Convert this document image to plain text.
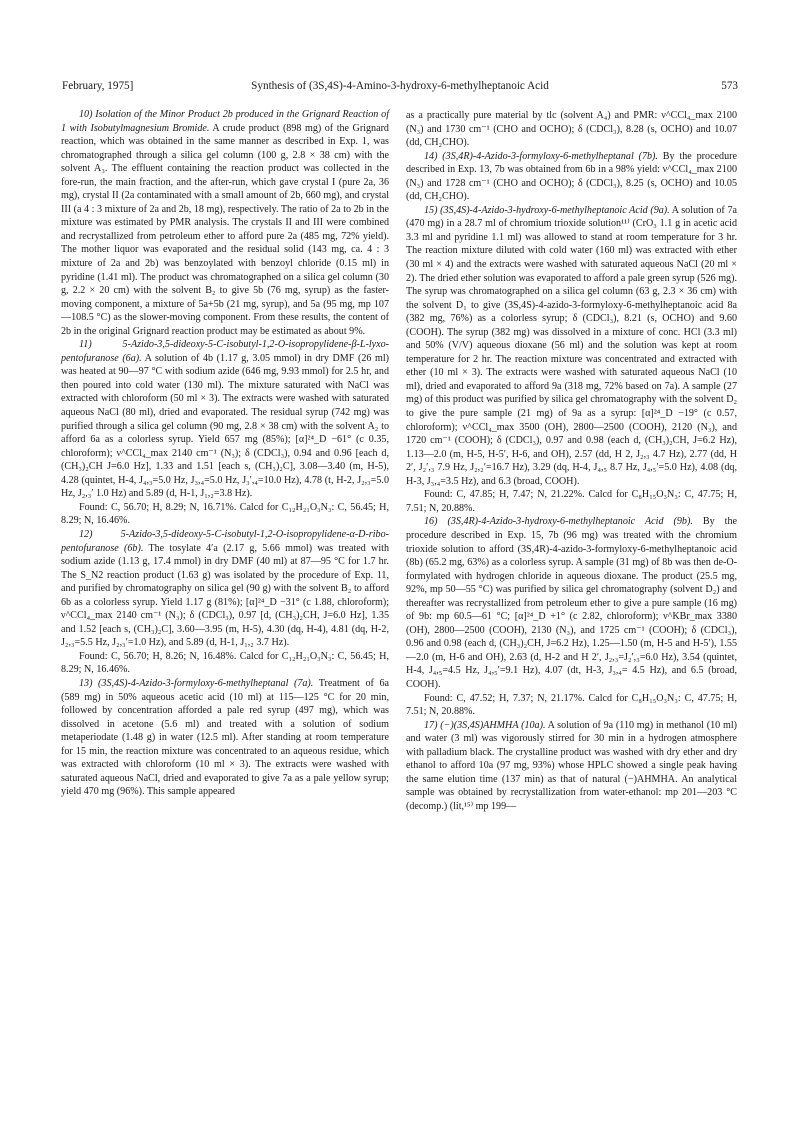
February, 1975]	Synthesis of (3S,4S)-4-Amino-3-hydroxy-6-methylheptanoic Acid	573

10) Isolation of the Minor Product 2b produced in the Grignard Reaction of 1 with Isobutylmagnesium Bromide. A crude product (898 mg) of the Grignard reaction, which was obtained in the same manner as described in Exp. 1, was chromatographed through a silica gel column (100 g, 2.8 × 38 cm) with the solvent A₃. The effluent containing the reaction product was collected in the fore-run, the main fraction, and the after-run, which gave crystal I (pure 2a, 36 mg), crystal II (2a contaminated with a small amount of 2b, 660 mg), and crystal III (a 4 : 3 mixture of 2a and 2b, 18 mg), respectively. The ratio of 2a to 2b in the mixture was estimated by PMR analysis. The crystals II and III were combined and recrystallized from petroleum ether to afford pure 2a (485 mg, 72% yield). The mother liquor was evaporated and the residual solid (143 mg, ca. 4 : 3 mixture of 2a and 2b) was benzoylated with benzoyl chloride (0.15 ml) in pyridine (1.41 ml). The product was chromatographed on a silica gel column (30 g, 2.2 × 20 cm) with the solvent B₂ to give 5b (76 mg, syrup) as the faster-moving component, a mixture of 5a+5b (21 mg, syrup), and 5a (95 mg, mp 107—108.5 °C) as the slower-moving component. From these results, the content of 2b in the original Grignard reaction product may be estimated as about 9%.

11) 5-Azido-3,5-dideoxy-5-C-isobutyl-1,2-O-isopropylidene-β-L-lyxo-pentofuranose (6a). A solution of 4b (1.17 g, 3.05 mmol) in dry DMF (26 ml) was heated at 90—97 °C with sodium azide (646 mg, 9.93 mmol) for 2.5 hr, and then poured into cold water (130 ml). The mixture saturated with NaCl was extracted with chloroform (50 ml × 3). The extracts were washed with saturated aqueous NaCl (80 ml), dried and evaporated. The residual syrup (742 mg) was purified through a silica gel column (90 mg, 2.8 × 38 cm) with the solvent A₂ to afford 6a as a colorless syrup. Yield 657 mg (85%); [α]²⁴_D −61° (c 0.35, chloroform); ν^CCl₄_max 2140 cm⁻¹ (N₃); δ (CDCl₃), 0.94 and 0.96 [each d, (CH₃)₂CH J=6.0 Hz], 1.33 and 1.51 [each s, (CH₃)₂C], 3.08—3.40 (m, H-5), 4.28 (quintet, H-4, J₄,₃=5.0 Hz, J₃,₄=5.0 Hz, J₃′,₄=10.0 Hz), 4.78 (t, H-2, J₂,₃=5.0 Hz, J₂,₃′ 1.0 Hz) and 5.89 (d, H-1, J₁,₂=3.8 Hz).

Found: C, 56.70; H, 8.29; N, 16.71%. Calcd for C₁₂H₂₁O₃N₃: C, 56.45; H, 8.29; N, 16.46%.

12) 5-Azido-3,5-dideoxy-5-C-isobutyl-1,2-O-isopropylidene-α-D-ribo-pentofuranose (6b). The tosylate 4′a (2.17 g, 5.66 mmol) was treated with sodium azide (1.13 g, 17.4 mmol) in dry DMF (40 ml) at 87—95 °C for 1.7 hr. The S_N2 reaction product (1.63 g) was isolated by the procedure of Exp. 11, and purified by chromatography on silica gel (90 g) with the solvent B₂ to afford 6b as a colorless syrup. Yield 1.17 g (81%); [α]²⁴_D −31° (c 1.88, chloroform); ν^CCl₄_max 2140 cm⁻¹ (N₃); δ (CDCl₃), 0.97 [d, (CH₃)₂CH, J=6.0 Hz], 1.35 and 1.52 [each s, (CH₃)₂C], 3.60—3.95 (m, H-5), 4.30 (dq, H-4), 4.81 (dq, H-2, J₂,₃=5.5 Hz, J₂,₃′=1.0 Hz), and 5.89 (d, H-1, J₁,₂ 3.7 Hz).

Found: C, 56.70; H, 8.26; N, 16.48%. Calcd for C₁₂H₂₁O₃N₃: C, 56.45; H, 8.29; N, 16.46%.

13) (3S,4S)-4-Azido-3-formyloxy-6-methylheptanal (7a). Treatment of 6a (589 mg) in 50% aqueous acetic acid (10 ml) at 115—125 °C for 20 min, followed by concentration afforded a pale red syrup (497 mg), which was dissolved in acetone (5.6 ml) and treated with a solution of sodium metaperiodate (1.48 g) in water (12.5 ml). After standing at room temperature for 15 min, the reaction mixture was concentrated to an aqueous residue, which was extracted with chloroform (10 ml × 3). The extracts were washed with saturated aqueous NaCl, dried and evaporated to give 7a as a pale yellow syrup; yield 470 mg (96%). This sample appeared

as a practically pure material by tlc (solvent A₄) and PMR: ν^CCl₄_max 2100 (N₃) and 1730 cm⁻¹ (CHO and OCHO); δ (CDCl₃), 8.28 (s, OCHO) and 10.07 (dd, CH₂CHO).

14) (3S,4R)-4-Azido-3-formyloxy-6-methylheptanal (7b). By the procedure described in Exp. 13, 7b was obtained from 6b in a 98% yield: ν^CCl₄_max 2100 (N₃) and 1728 cm⁻¹ (CHO and OCHO); δ (CDCl₃), 8.25 (s, OCHO) and 10.05 (dd, CH₂CHO).

15) (3S,4S)-4-Azido-3-hydroxy-6-methylheptanoic Acid (9a). A solution of 7a (470 mg) in a 28.7 ml of chromium trioxide solution¹¹⁾ (CrO₃ 1.1 g in acetic acid 3.3 ml and pyridine 1.1 ml) was allowed to stand at room temperature for 3 hr. The reaction mixture diluted with cold water (160 ml) was extracted with ether (30 ml × 4) and the extracts were washed with saturated aqueous NaCl (20 ml × 2). The dried ether solution was evaporated to afford a pale green syrup (526 mg). The syrup was chromatographed on a silica gel column (63 g, 2.3 × 36 cm) with the solvent D₁ to give (3S,4S)-4-azido-3-formyloxy-6-methylheptanoic acid 8a (382 mg, 76%) as a colorless syrup; δ (CDCl₃), 8.21 (s, OCHO) and 9.60 (COOH). The syrup (382 mg) was dissolved in a mixture of conc. HCl (3.3 ml) and 50% (V/V) aqueous dioxane (56 ml) and the solution was kept at room temperature for 2 hr. The reaction mixture was concentrated and extracted with ether (10 ml × 3). The extracts were washed with saturated aqueous NaCl (10 ml), dried and evaporated to afford 9a (318 mg, 72% based on 7a). A sample (27 mg) of this product was purified by silica gel chromatography with the solvent D₂ to give the pure sample (21 mg) of 9a as a syrup: [α]²⁴_D −19° (c 0.57, chloroform); ν^CCl₄_max 3500 (OH), 2800—2500 (COOH), 2120 (N₃), and 1720 cm⁻¹ (COOH); δ (CDCl₃), 0.97 and 0.98 (each d, (CH₃)₂CH, J=6.2 Hz), 1.13—2.0 (m, H-5, H-5′, H-6, and OH), 2.57 (dd, H 2, J₂,₃ 4.7 Hz), 2.77 (dd, H 2′, J₂′,₃ 7.9 Hz, J₂,₂′=16.7 Hz), 3.29 (dq, H-4, J₄,₅ 8.7 Hz, J₄,₅′=5.0 Hz), 4.08 (dq, H-3, J₃,₄=3.5 Hz), and 6.3 (broad, COOH).

Found: C, 47.85; H, 7.47; N, 21.22%. Calcd for C₈H₁₅O₃N₃: C, 47.75; H, 7.51; N, 20.88%.

16) (3S,4R)-4-Azido-3-hydroxy-6-methylheptanoic Acid (9b). By the procedure described in Exp. 15, 7b (96 mg) was treated with the chromium trioxide solution to afford (3S,4R)-4-azido-3-formyloxy-6-methylheptanoic acid (8b) (65.2 mg, 63%) as a colorless syrup. A sample (31 mg) of 8b was then de-O-formylated with hydrogen chloride in aqueous dioxane. The product (25.5 mg, 92%, mp 50—55 °C) was purified by silica gel chromatography (solvent D₂) and thereafter was recrystallized from petroleum ether to give a pure sample (16 mg) of 9b: mp 60.5—61 °C; [α]²⁴_D +1° (c 2.82, chloroform); ν^KBr_max 3380 (OH), 2800—2500 (COOH), 2130 (N₃), and 1725 cm⁻¹ (COOH); δ (CDCl₃), 0.96 and 0.98 (each d, (CH₃)₂CH, J=6.2 Hz), 1.25—1.50 (m, H-5 and H-5′), 1.55—2.0 (m, H-6 and OH), 2.63 (d, H-2 and H 2′, J₂,₃=J₂′,₃=6.0 Hz), 3.54 (quintet, H-4, J₄,₅=4.5 Hz, J₄,₅′=9.1 Hz), 4.07 (dt, H-3, J₃,₄= 4.5 Hz), and 6.5 (broad, COOH).

Found: C, 47.52; H, 7.37; N, 21.17%. Calcd for C₈H₁₅O₃N₃: C, 47.75; H, 7.51; N, 20.88%.

17) (−)(3S,4S)AHMHA (10a). A solution of 9a (110 mg) in methanol (10 ml) and water (3 ml) was vigorously stirred for 30 min in a hydrogen atmosphere with palladium black. The crystalline product was washed with dry ether and dry ethanol to afford 10a (97 mg, 93%) whose HPLC showed a single peak having the same elution time (137 min) as that of natural (−)AHMHA. An analytical sample was obtained by recrystallization from water-ethanol: mp 201—203 °C (decomp.) (lit,¹⁵⁾ mp 199—
